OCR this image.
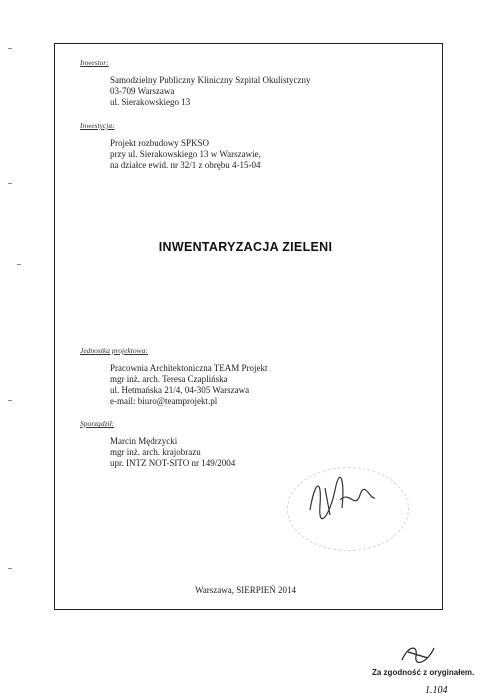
Inwestor:
Samodzielny Publiczny Kliniczny Szpital Okulistyczny
03-709 Warszawa
ul. Sierakowskiego 13
Inwestycja:
Projekt rozbudowy SPKSO
przy ul. Sierakowskiego 13 w Warszawie,
na działce ewid. nr 32/1 z obrębu 4-15-04
INWENTARYZACJA ZIELENI
Jednostka projektowa:
Pracownia Architektoniczna TEAM Projekt
mgr inż. arch. Teresa Czaplińska
ul. Hetmańska 21/4, 04-305 Warszawa
e-mail: biuro@teamprojekt.pl
Sporządził:
Marcin Mędrzycki
mgr inż. arch. krajobrazu
upr. INTZ NOT-SITO nr 149/2004
Warszawa, SIERPIEŃ 2014
Za zgodność z oryginałem.
1.104
